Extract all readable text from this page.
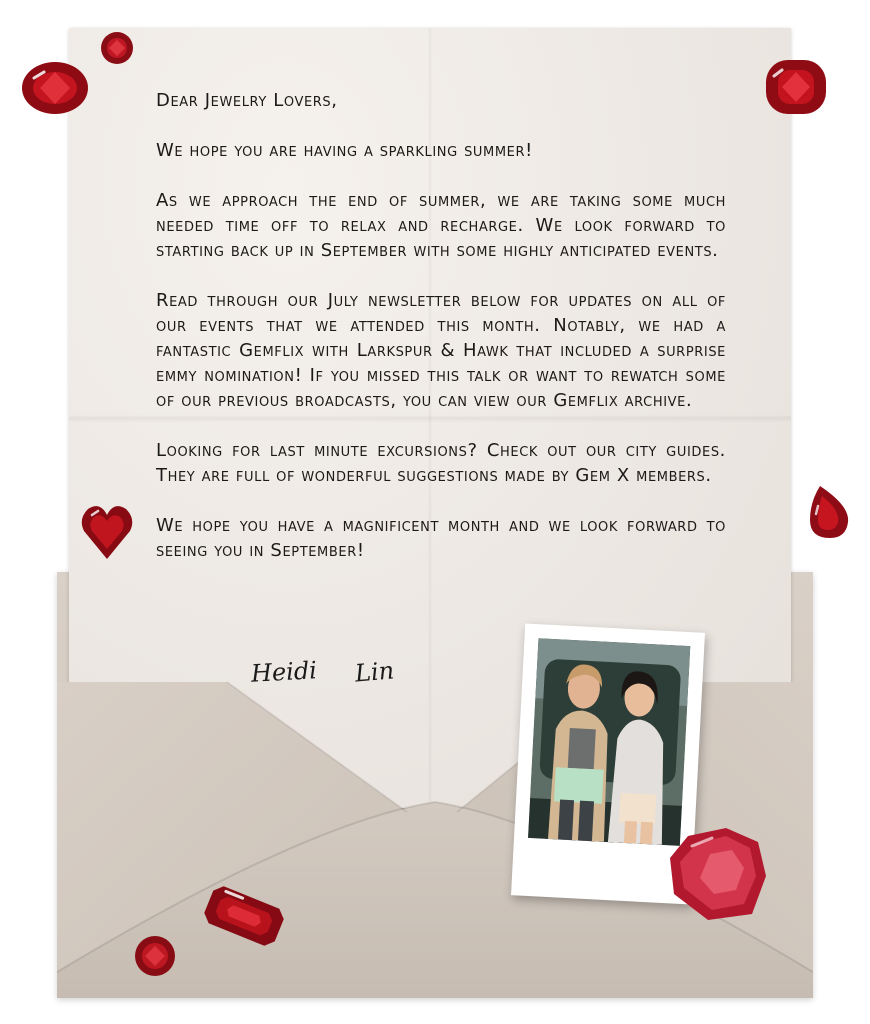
Dear Jewelry Lovers,

We hope you are having a sparkling summer!

As we approach the end of summer, we are taking some much needed time off to relax and recharge. We look forward to starting back up in September with some highly anticipated events.

Read through our July newsletter below for updates on all of our events that we attended this month. Notably, we had a fantastic Gemflix with Larkspur & Hawk that included a surprise emmy nomination! If you missed this talk or want to rewatch some of our previous broadcasts, you can view our Gemflix archive.

Looking for last minute excursions? Check out our city guides. They are full of wonderful suggestions made by Gem X members.

We hope you have a magnificent month and we look forward to seeing you in September!

Heidi Lin
